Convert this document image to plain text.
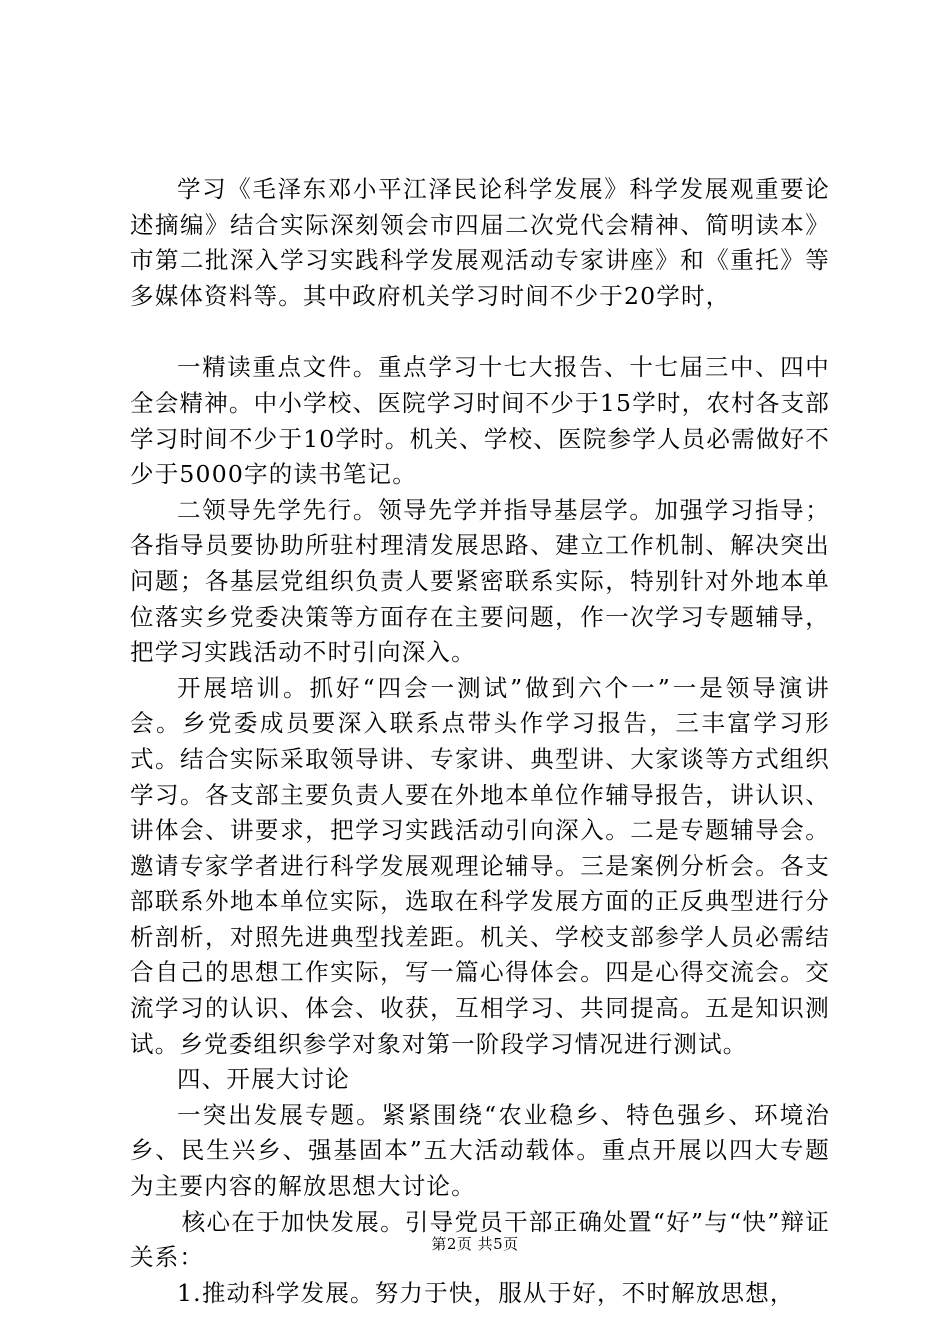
学习《毛泽东邓小平江泽民论科学发展》科学发展观重要论述摘编》结合实际深刻领会市四届二次党代会精神、简明读本》市第二批深入学习实践科学发展观活动专家讲座》和《重托》等多媒体资料等。其中政府机关学习时间不少于20学时，

一精读重点文件。重点学习十七大报告、十七届三中、四中全会精神。中小学校、医院学习时间不少于15学时，农村各支部学习时间不少于10学时。机关、学校、医院参学人员必需做好不少于5000字的读书笔记。

二领导先学先行。领导先学并指导基层学。加强学习指导；各指导员要协助所驻村理清发展思路、建立工作机制、解决突出问题；各基层党组织负责人要紧密联系实际，特别针对外地本单位落实乡党委决策等方面存在主要问题，作一次学习专题辅导，把学习实践活动不时引向深入。

开展培训。抓好“四会一测试”做到六个一”一是领导演讲会。乡党委成员要深入联系点带头作学习报告，三丰富学习形式。结合实际采取领导讲、专家讲、典型讲、大家谈等方式组织学习。各支部主要负责人要在外地本单位作辅导报告，讲认识、讲体会、讲要求，把学习实践活动引向深入。二是专题辅导会。邀请专家学者进行科学发展观理论辅导。三是案例分析会。各支部联系外地本单位实际，选取在科学发展方面的正反典型进行分析剖析，对照先进典型找差距。机关、学校支部参学人员必需结合自己的思想工作实际，写一篇心得体会。四是心得交流会。交流学习的认识、体会、收获，互相学习、共同提高。五是知识测试。乡党委组织参学对象对第一阶段学习情况进行测试。

四、开展大讨论

一突出发展专题。紧紧围绕“农业稳乡、特色强乡、环境治乡、民生兴乡、强基固本”五大活动载体。重点开展以四大专题为主要内容的解放思想大讨论。

核心在于加快发展。引导党员干部正确处置“好”与“快”辩证关系：

1.推动科学发展。努力于快，服从于好，不时解放思想，

第2页 共5页
